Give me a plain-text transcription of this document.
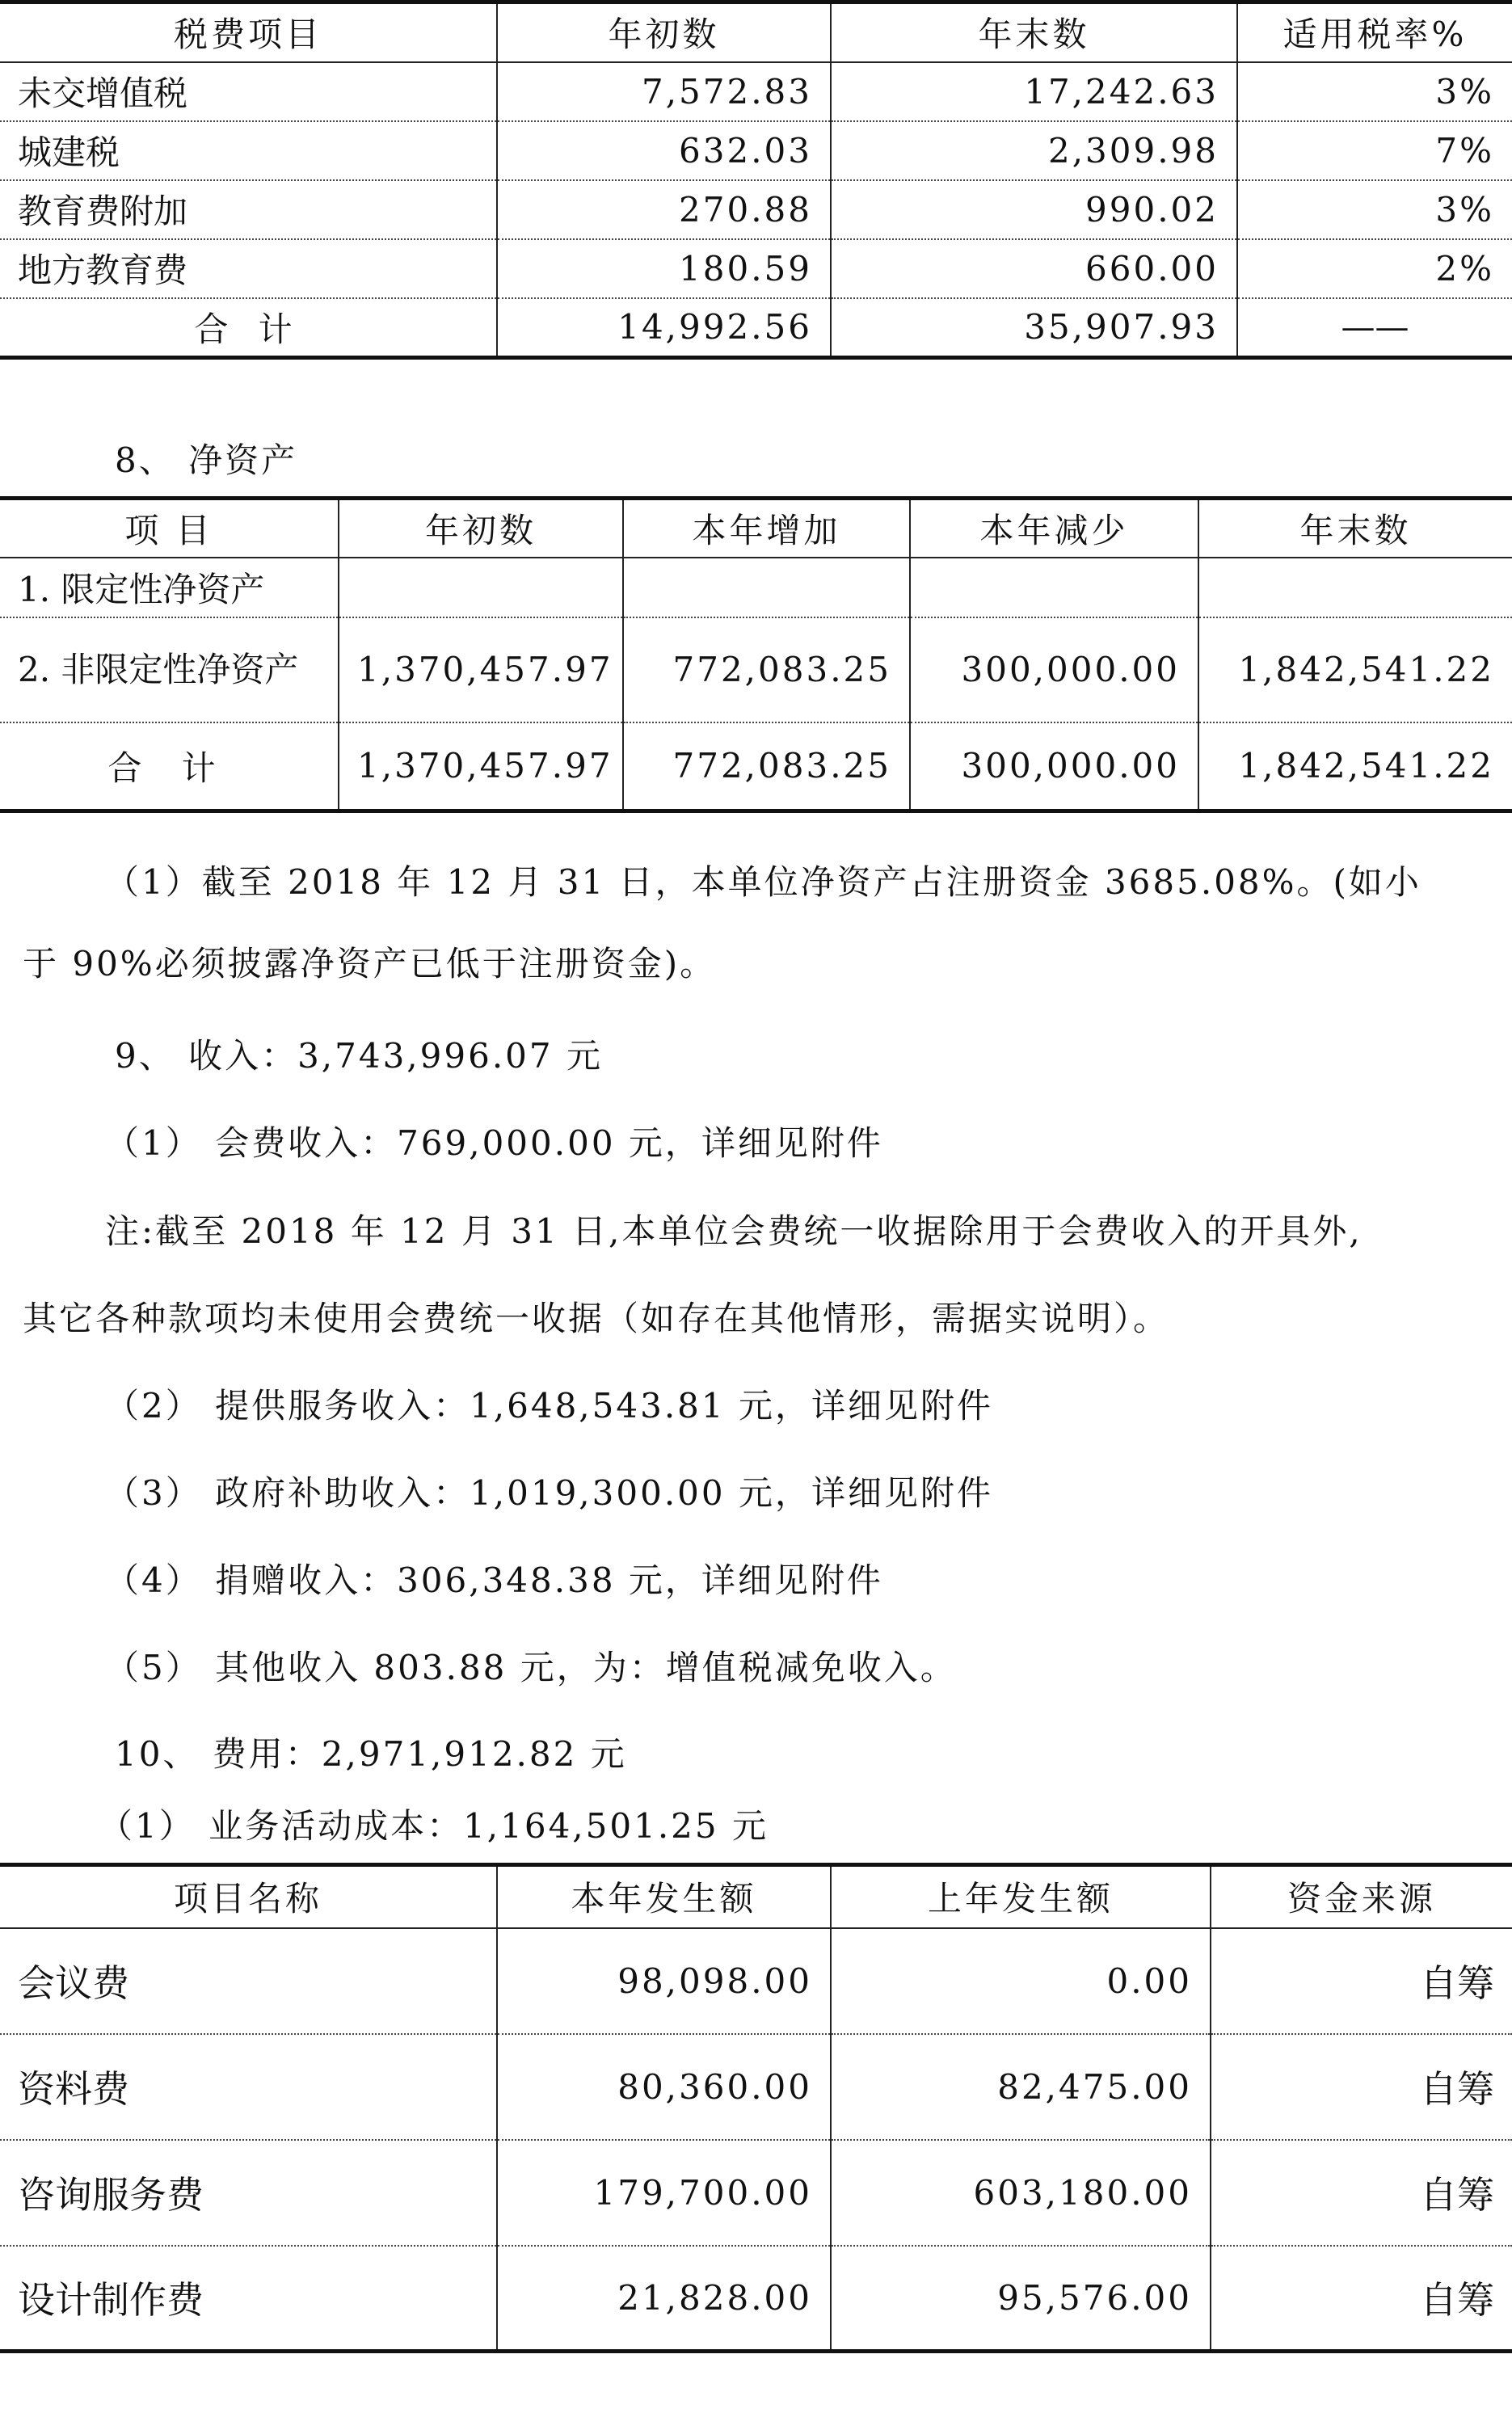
税费项目	年初数	年末数	适用税率%
未交增值税	7,572.83	17,242.63	3%
城建税	632.03	2,309.98	7%
教育费附加	270.88	990.02	3%
地方教育费	180.59	660.00	2%
合 计	14,992.56	35,907.93	——
8、 净资产
项 目	年初数	本年增加	本年减少	年末数
1. 限定性净资产				
2. 非限定性净资产	1,370,457.97	772,083.25	300,000.00	1,842,541.22
合 计	1,370,457.97	772,083.25	300,000.00	1,842,541.22
（1）截至 2018 年 12 月 31 日，本单位净资产占注册资金 3685.08%。(如小
于 90%必须披露净资产已低于注册资金)。
9、 收入：3,743,996.07 元
（1） 会费收入：769,000.00 元，详细见附件
注:截至 2018 年 12 月 31 日,本单位会费统一收据除用于会费收入的开具外,
其它各种款项均未使用会费统一收据（如存在其他情形，需据实说明）。
（2） 提供服务收入：1,648,543.81 元，详细见附件
（3） 政府补助收入：1,019,300.00 元，详细见附件
（4） 捐赠收入：306,348.38 元，详细见附件
（5） 其他收入 803.88 元，为：增值税减免收入。
10、 费用：2,971,912.82 元
（1） 业务活动成本：1,164,501.25 元
项目名称	本年发生额	上年发生额	资金来源
会议费	98,098.00	0.00	自筹
资料费	80,360.00	82,475.00	自筹
咨询服务费	179,700.00	603,180.00	自筹
设计制作费	21,828.00	95,576.00	自筹
